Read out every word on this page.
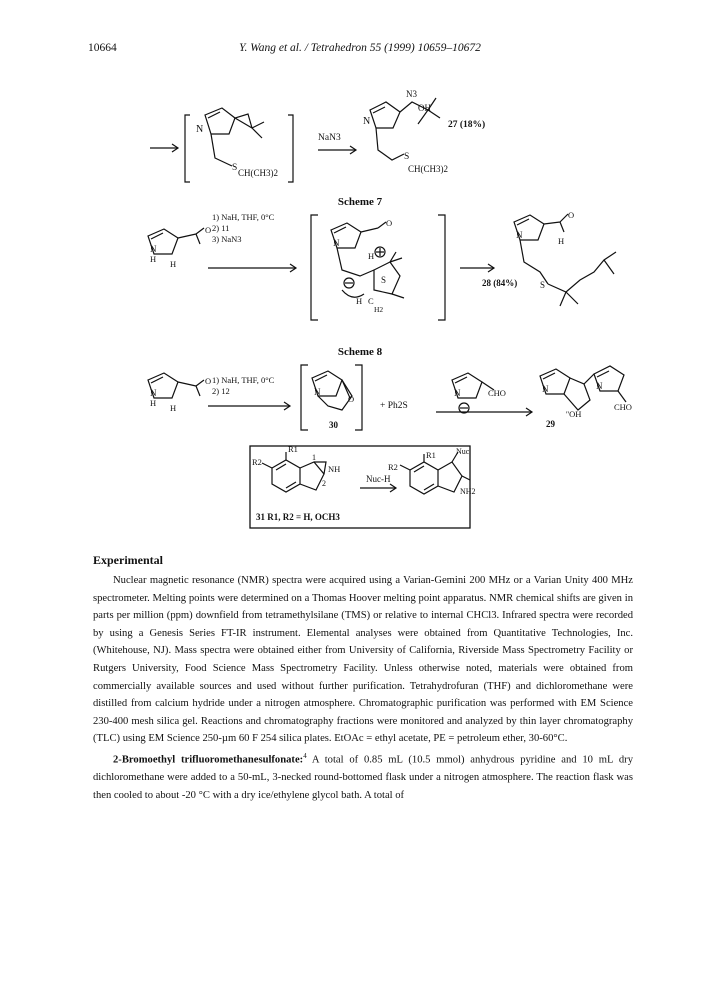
10664	Y. Wang et al. / Tetrahedron 55 (1999) 10659–10672
N
S CH(CH3)2
NaN3
N
N3
OH
S
CH(CH3)2
27 (18%)
Scheme 7
N
H H
O
1) NaH, THF, 0°C
2) 11
3) NaN3	N
O
H
S
H C
H2
N
O
H
S
28 (84%)
Scheme 8
N
H H
O 1) NaH, THF, 0°C
2) 12	N
O
30
+ Ph2S
N	CHO	N	N
''OH
CHO
29
R1
R2
NH
1
2	Nuc-H
R1
R2
Nuc
NH2
31 R1, R2 = H, OCH3
Experimental

Nuclear magnetic resonance (NMR) spectra were acquired using a Varian-Gemini 200 MHz or a Varian Unity 400 MHz spectrometer. Melting points were determined on a Thomas Hoover melting point apparatus. NMR chemical shifts are given in parts per million (ppm) downfield from tetramethylsilane (TMS) or relative to internal CHCl3. Infrared spectra were recorded by using a Genesis Series FT-IR instrument. Elemental analyses were obtained from Quantitative Technologies, Inc. (Whitehouse, NJ). Mass spectra were obtained either from University of California, Riverside Mass Spectrometry Facility or Rutgers University, Food Science Mass Spectrometry Facility. Unless otherwise noted, materials were obtained from commercially available sources and used without further purification. Tetrahydrofuran (THF) and dichloromethane were distilled from calcium hydride under a nitrogen atmosphere. Chromatographic purification was performed with EM Science 230-400 mesh silica gel. Reactions and chromatography fractions were monitored and analyzed by thin layer chromatography (TLC) using EM Science 250-µm 60 F 254 silica plates. EtOAc = ethyl acetate, PE = petroleum ether, 30-60°C.

2-Bromoethyl trifluoromethanesulfonate:$^4$ A total of 0.85 mL (10.5 mmol) anhydrous pyridine and 10 mL dry dichloromethane were added to a 50-mL, 3-necked round-bottomed flask under a nitrogen atmosphere. The reaction flask was then cooled to about -20 °C with a dry ice/ethylene glycol bath. A total of
